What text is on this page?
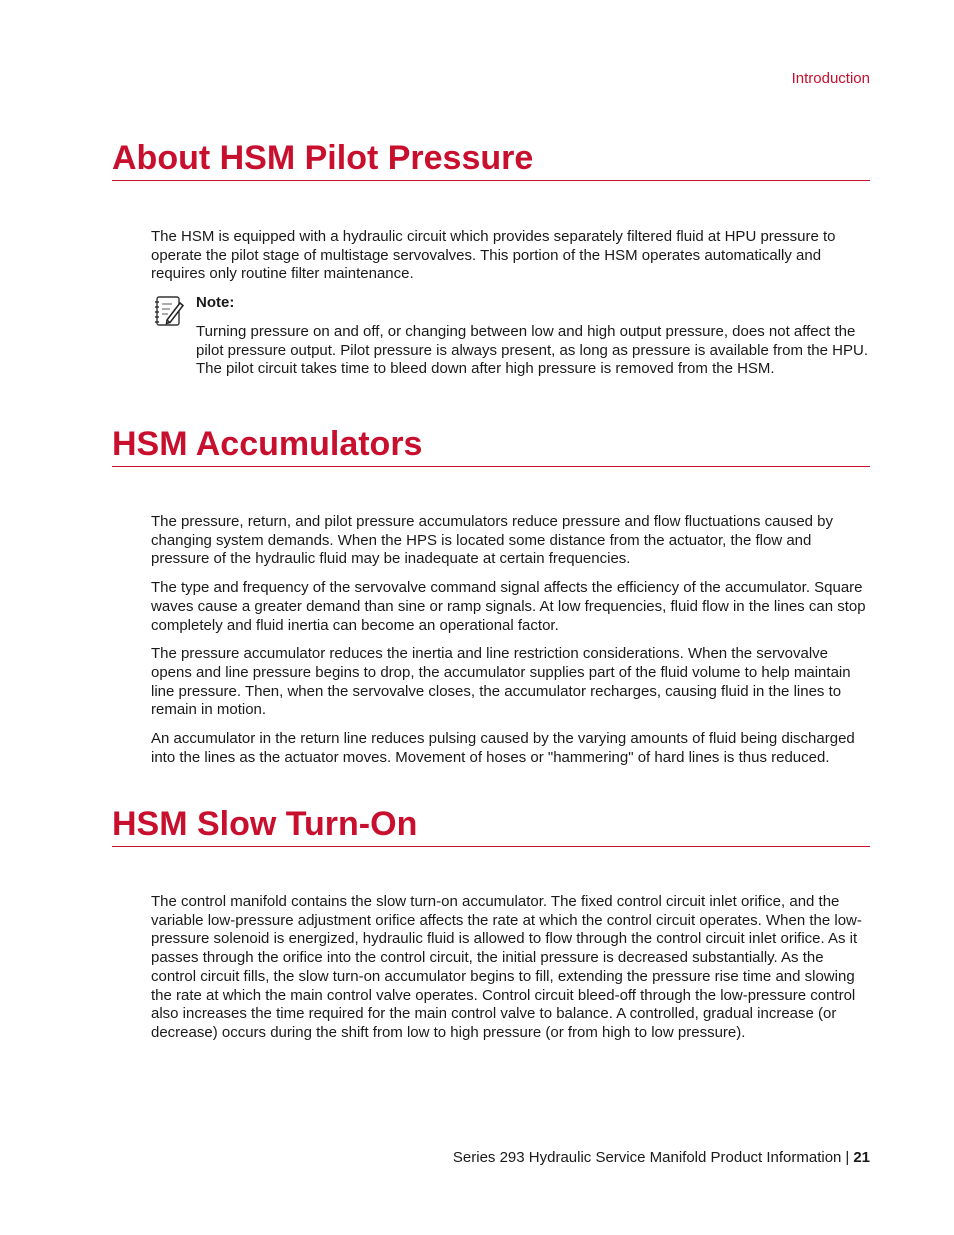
Introduction
About HSM Pilot Pressure

The HSM is equipped with a hydraulic circuit which provides separately filtered fluid at HPU pressure to operate the pilot stage of multistage servovalves. This portion of the HSM operates automatically and requires only routine filter maintenance.

Note:

Turning pressure on and off, or changing between low and high output pressure, does not affect the pilot pressure output. Pilot pressure is always present, as long as pressure is available from the HPU. The pilot circuit takes time to bleed down after high pressure is removed from the HSM.

HSM Accumulators

The pressure, return, and pilot pressure accumulators reduce pressure and flow fluctuations caused by changing system demands. When the HPS is located some distance from the actuator, the flow and pressure of the hydraulic fluid may be inadequate at certain frequencies.

The type and frequency of the servovalve command signal affects the efficiency of the accumulator. Square waves cause a greater demand than sine or ramp signals. At low frequencies, fluid flow in the lines can stop completely and fluid inertia can become an operational factor.

The pressure accumulator reduces the inertia and line restriction considerations. When the servovalve opens and line pressure begins to drop, the accumulator supplies part of the fluid volume to help maintain line pressure. Then, when the servovalve closes, the accumulator recharges, causing fluid in the lines to remain in motion.

An accumulator in the return line reduces pulsing caused by the varying amounts of fluid being discharged into the lines as the actuator moves. Movement of hoses or "hammering" of hard lines is thus reduced.

HSM Slow Turn-On

The control manifold contains the slow turn-on accumulator. The fixed control circuit inlet orifice, and the variable low-pressure adjustment orifice affects the rate at which the control circuit operates. When the low-pressure solenoid is energized, hydraulic fluid is allowed to flow through the control circuit inlet orifice. As it passes through the orifice into the control circuit, the initial pressure is decreased substantially. As the control circuit fills, the slow turn-on accumulator begins to fill, extending the pressure rise time and slowing the rate at which the main control valve operates. Control circuit bleed-off through the low-pressure control also increases the time required for the main control valve to balance. A controlled, gradual increase (or decrease) occurs during the shift from low to high pressure (or from high to low pressure).

Series 293 Hydraulic Service Manifold Product Information | 21
